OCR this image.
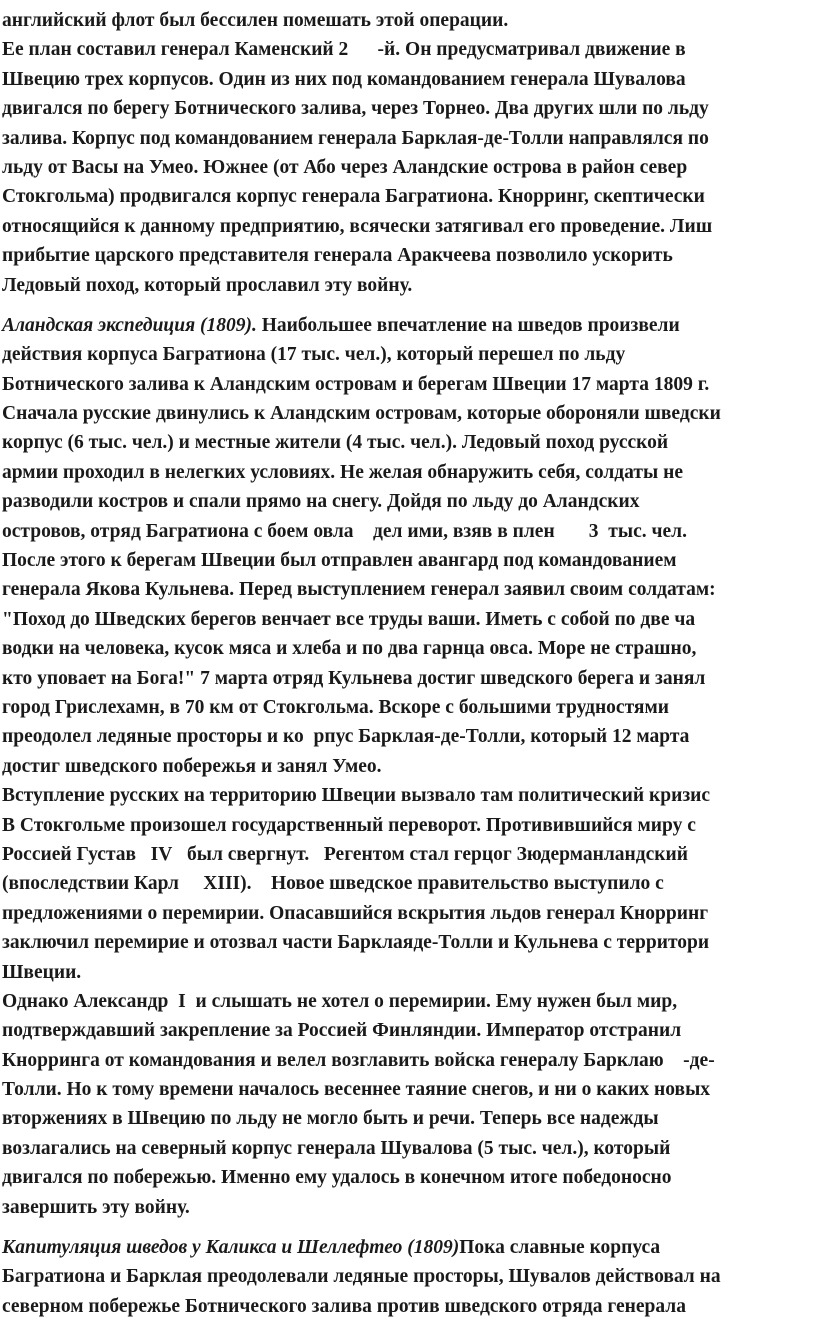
английский флот был бессилен помешать этой операции.
Ее план составил генерал Каменский 2      -й. Он предусматривал движение в
Швецию трех корпусов. Один из них под командованием генерала Шувалова
двигался по берегу Ботнического залива, через Торнео. Два других шли по льду
залива. Корпус под командованием генерала Барклая-де-Толли направлялся по
льду от Васы на Умео. Южнее (от Або через Аландские острова в район север
Стокгольма) продвигался корпус генерала Багратиона. Кнорринг, скептически
относящийся к данному предприятию, всячески затягивал его проведение. Лиш
прибытие царского представителя генерала Аракчеева позволило ускорить
Ледовый поход, который прославил эту войну.
Аландская экспедиция (1809). Наибольшее впечатление на шведов произвели
действия корпуса Багратиона (17 тыс. чел.), который перешел по льду
Ботнического залива к Аландским островам и берегам Швеции 17 марта 1809 г.
Сначала русские двинулись к Аландским островам, которые обороняли шведски
корпус (6 тыс. чел.) и местные жители (4 тыс. чел.). Ледовый поход русской
армии проходил в нелегких условиях. Не желая обнаружить себя, солдаты не
разводили костров и спали прямо на снегу. Дойдя по льду до Аландских
островов, отряд Багратиона с боем овла    дел ими, взяв в плен       3  тыс. чел.
После этого к берегам Швеции был отправлен авангард под командованием
генерала Якова Кульнева. Перед выступлением генерал заявил своим солдатам:
"Поход до Шведских берегов венчает все труды ваши. Иметь с собой по две ча
водки на человека, кусок мяса и хлеба и по два гарнца овса. Море не страшно,
кто уповает на Бога!" 7 марта отряд Кульнева достиг шведского берега и занял
город Грислехамн, в 70 км от Стокгольма. Вскоре с большими трудностями
преодолел ледяные просторы и ко  рпус Барклая-де-Толли, который 12 марта
достиг шведского побережья и занял Умео.
Вступление русских на территорию Швеции вызвало там политический кризис
В Стокгольме произошел государственный переворот. Противившийся миру с
Россией Густав   IV   был свергнут.   Регентом стал герцог Зюдерманландский
(впоследствии Карл     XIII).    Новое шведское правительство выступило с
предложениями о перемирии. Опасавшийся вскрытия льдов генерал Кнорринг
заключил перемирие и отозвал части Барклаяде-Толли и Кульнева с территори
Швеции.
Однако Александр  I  и слышать не хотел о перемирии. Ему нужен был мир,
подтверждавший закрепление за Россией Финляндии. Император отстранил
Кнорринга от командования и велел возглавить войска генералу Барклаю    -де-
Толли. Но к тому времени началось весеннее таяние снегов, и ни о каких новых
вторжениях в Швецию по льду не могло быть и речи. Теперь все надежды
возлагались на северный корпус генерала Шувалова (5 тыс. чел.), который
двигался по побережью. Именно ему удалось в конечном итоге победоносно
завершить эту войну.
Капитуляция шведов у Каликса и Шеллефтео (1809)Пока славные корпуса
Багратиона и Барклая преодолевали ледяные просторы, Шувалов действовал на
северном побережье Ботнического залива против шведского отряда генерала
